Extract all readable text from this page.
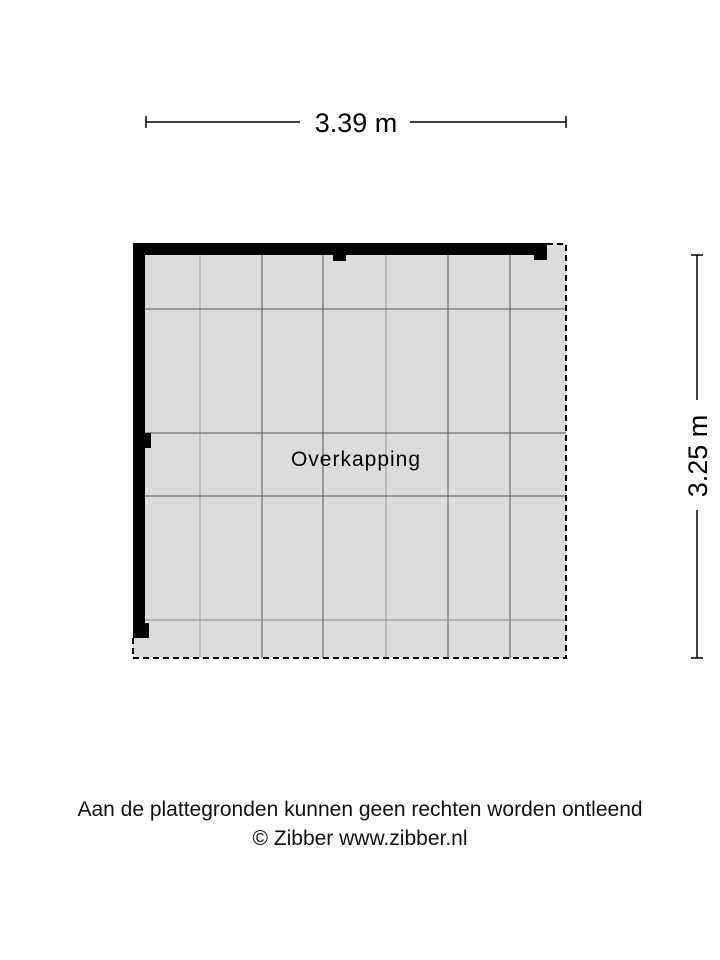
3.39 m
3.25 m
Overkapping
Aan de plattegronden kunnen geen rechten worden ontleend
© Zibber www.zibber.nl
